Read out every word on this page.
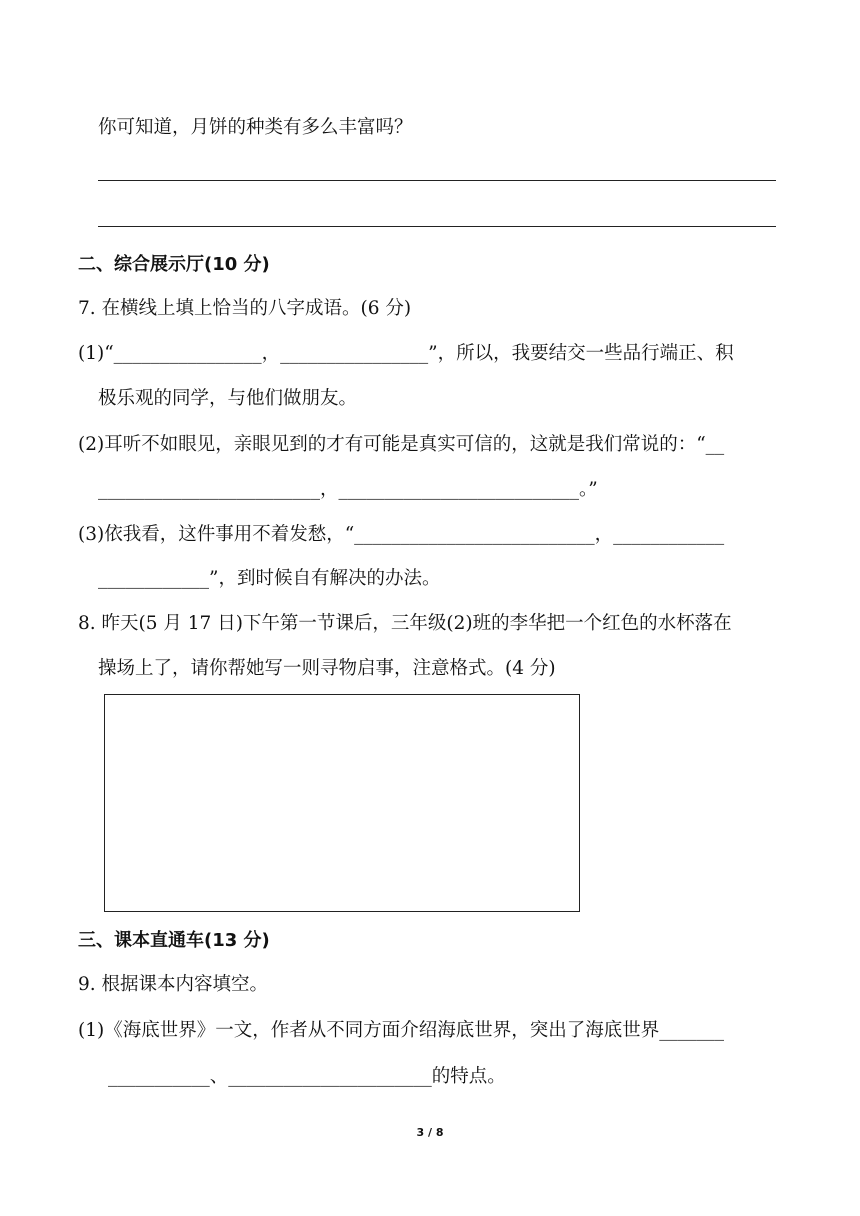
你可知道，月饼的种类有多么丰富吗？
二、综合展示厅(10 分)
7. 在横线上填上恰当的八字成语。(6 分)
(1)“________________，________________”，所以，我要结交一些品行端正、积
极乐观的同学，与他们做朋友。
(2)耳听不如眼见，亲眼见到的才有可能是真实可信的，这就是我们常说的：“__
________________________，__________________________。”
(3)依我看，这件事用不着发愁，“__________________________，____________
____________”，到时候自有解决的办法。
8. 昨天(5 月 17 日)下午第一节课后，三年级(2)班的李华把一个红色的水杯落在
操场上了，请你帮她写一则寻物启事，注意格式。(4 分)
三、课本直通车(13 分)
9. 根据课本内容填空。
(1)《海底世界》一文，作者从不同方面介绍海底世界，突出了海底世界_______
___________、______________________的特点。
3 / 8
